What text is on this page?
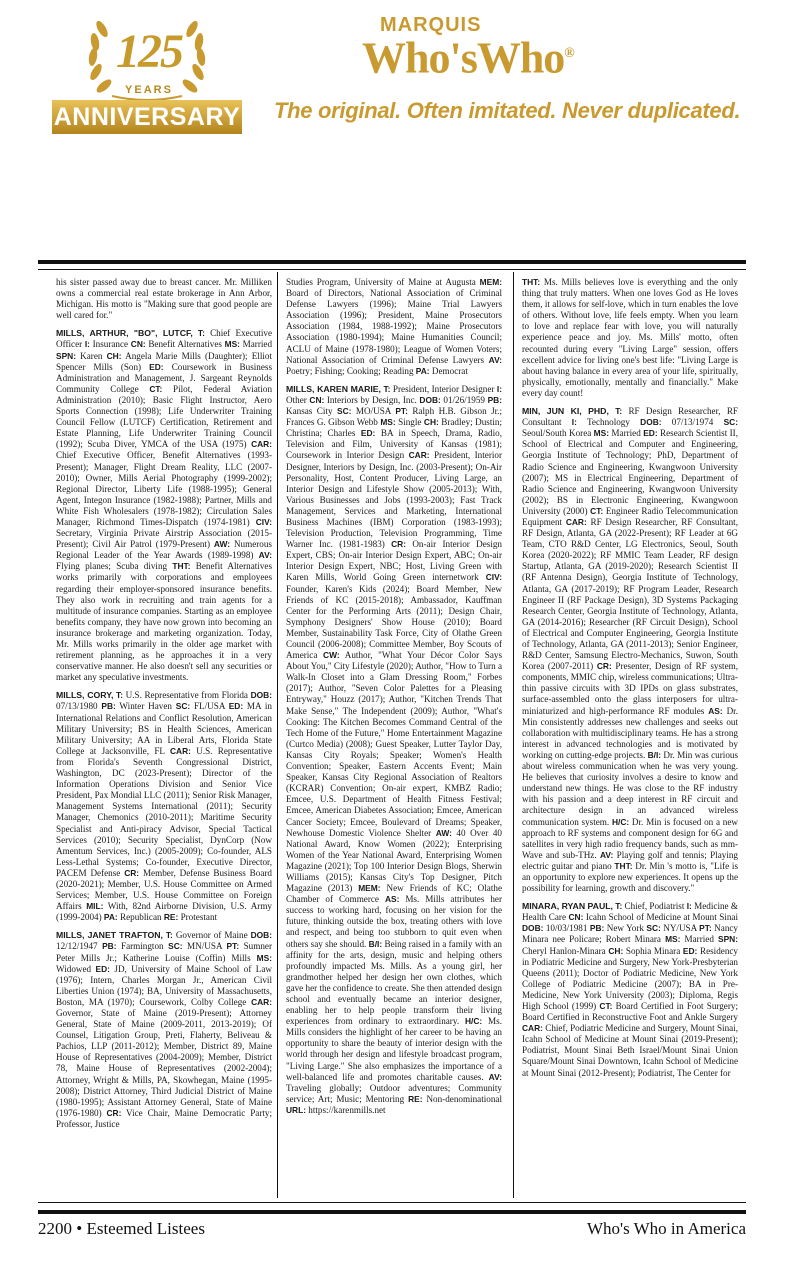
125
YEARS
ANNIVERSARY
MARQUIS
Who'sWho®
The original. Often imitated. Never duplicated.

his sister passed away due to breast cancer. Mr. Milliken owns a commercial real estate brokerage in Ann Arbor, Michigan. His motto is "Making sure that good people are well cared for."

MILLS, ARTHUR, "BO", LUTCF, T: Chief Executive Officer I: Insurance CN: Benefit Alternatives MS: Married SPN: Karen CH: Angela Marie Mills (Daughter); Elliot Spencer Mills (Son) ED: Coursework in Business Administration and Management, J. Sargeant Reynolds Community College CT: Pilot, Federal Aviation Administration (2010); Basic Flight Instructor, Aero Sports Connection (1998); Life Underwriter Training Council Fellow (LUTCF) Certification, Retirement and Estate Planning, Life Underwriter Training Council (1992); Scuba Diver, YMCA of the USA (1975) CAR: Chief Executive Officer, Benefit Alternatives (1993-Present); Manager, Flight Dream Reality, LLC (2007-2010); Owner, Mills Aerial Photography (1999-2002); Regional Director, Liberty Life (1988-1995); General Agent, Integon Insurance (1982-1988); Partner, Mills and White Fish Wholesalers (1978-1982); Circulation Sales Manager, Richmond Times-Dispatch (1974-1981) CIV: Secretary, Virginia Private Airstrip Association (2015-Present); Civil Air Patrol (1979-Present) AW: Numerous Regional Leader of the Year Awards (1989-1998) AV: Flying planes; Scuba diving THT: Benefit Alternatives works primarily with corporations and employees regarding their employer-sponsored insurance benefits. They also work in recruiting and train agents for a multitude of insurance companies. Starting as an employee benefits company, they have now grown into becoming an insurance brokerage and marketing organization. Today, Mr. Mills works primarily in the older age market with retirement planning, as he approaches it in a very conservative manner. He also doesn't sell any securities or market any speculative investments.

MILLS, CORY, T: U.S. Representative from Florida DOB: 07/13/1980 PB: Winter Haven SC: FL/USA ED: MA in International Relations and Conflict Resolution, American Military University; BS in Health Sciences, American Military University; AA in Liberal Arts, Florida State College at Jacksonville, FL CAR: U.S. Representative from Florida's Seventh Congressional District, Washington, DC (2023-Present); Director of the Information Operations Division and Senior Vice President, Pax Mondial LLC (2011); Senior Risk Manager, Management Systems International (2011); Security Manager, Chemonics (2010-2011); Maritime Security Specialist and Anti-piracy Advisor, Special Tactical Services (2010); Security Specialist, DynCorp (Now Amentum Services, Inc.) (2005-2009); Co-founder, ALS Less-Lethal Systems; Co-founder, Executive Director, PACEM Defense CR: Member, Defense Business Board (2020-2021); Member, U.S. House Committee on Armed Services; Member, U.S. House Committee on Foreign Affairs MIL: With, 82nd Airborne Division, U.S. Army (1999-2004) PA: Republican RE: Protestant

MILLS, JANET TRAFTON, T: Governor of Maine DOB: 12/12/1947 PB: Farmington SC: MN/USA PT: Sumner Peter Mills Jr.; Katherine Louise (Coffin) Mills MS: Widowed ED: JD, University of Maine School of Law (1976); Intern, Charles Morgan Jr., American Civil Liberties Union (1974); BA, University of Massachusetts, Boston, MA (1970); Coursework, Colby College CAR: Governor, State of Maine (2019-Present); Attorney General, State of Maine (2009-2011, 2013-2019); Of Counsel, Litigation Group, Preti, Flaherty, Beliveau & Pachios, LLP (2011-2012); Member, District 89, Maine House of Representatives (2004-2009); Member, District 78, Maine House of Representatives (2002-2004); Attorney, Wright & Mills, PA, Skowhegan, Maine (1995-2008); District Attorney, Third Judicial District of Maine (1980-1995); Assistant Attorney General, State of Maine (1976-1980) CR: Vice Chair, Maine Democratic Party; Professor, Justice

Studies Program, University of Maine at Augusta MEM: Board of Directors, National Association of Criminal Defense Lawyers (1996); Maine Trial Lawyers Association (1996); President, Maine Prosecutors Association (1984, 1988-1992); Maine Prosecutors Association (1980-1994); Maine Humanities Council; ACLU of Maine (1978-1980); League of Women Voters; National Association of Criminal Defense Lawyers AV: Poetry; Fishing; Cooking; Reading PA: Democrat

MILLS, KAREN MARIE, T: President, Interior Designer I: Other CN: Interiors by Design, Inc. DOB: 01/26/1959 PB: Kansas City SC: MO/USA PT: Ralph H.B. Gibson Jr.; Frances G. Gibson Webb MS: Single CH: Bradley; Dustin; Christina; Charles ED: BA in Speech, Drama, Radio, Television and Film, University of Kansas (1981); Coursework in Interior Design CAR: President, Interior Designer, Interiors by Design, Inc. (2003-Present); On-Air Personality, Host, Content Producer, Living Large, an Interior Design and Lifestyle Show (2005-2013); With, Various Businesses and Jobs (1993-2003); Fast Track Management, Services and Marketing, International Business Machines (IBM) Corporation (1983-1993); Television Production, Television Programming, Time Warner Inc. (1981-1983) CR: On-air Interior Design Expert, CBS; On-air Interior Design Expert, ABC; On-air Interior Design Expert, NBC; Host, Living Green with Karen Mills, World Going Green internetwork CIV: Founder, Karen's Kids (2024); Board Member, New Friends of KC (2015-2018); Ambassador, Kauffman Center for the Performing Arts (2011); Design Chair, Symphony Designers' Show House (2010); Board Member, Sustainability Task Force, City of Olathe Green Council (2006-2008); Committee Member, Boy Scouts of America CW: Author, "What Your Décor Color Says About You," City Lifestyle (2020); Author, "How to Turn a Walk-In Closet into a Glam Dressing Room," Forbes (2017); Author, "Seven Color Palettes for a Pleasing Entryway," Houzz (2017); Author, "Kitchen Trends That Make Sense," The Independent (2009); Author, "What's Cooking: The Kitchen Becomes Command Central of the Tech Home of the Future," Home Entertainment Magazine (Curtco Media) (2008); Guest Speaker, Lutter Taylor Day, Kansas City Royals; Speaker; Women's Health Convention; Speaker, Eastern Accents Event; Main Speaker, Kansas City Regional Association of Realtors (KCRAR) Convention; On-air expert, KMBZ Radio; Emcee, U.S. Department of Health Fitness Festival; Emcee, American Diabetes Association; Emcee, American Cancer Society; Emcee, Boulevard of Dreams; Speaker, Newhouse Domestic Violence Shelter AW: 40 Over 40 National Award, Know Women (2022); Enterprising Women of the Year National Award, Enterprising Women Magazine (2021); Top 100 Interior Design Blogs, Sherwin Williams (2015); Kansas City's Top Designer, Pitch Magazine (2013) MEM: New Friends of KC; Olathe Chamber of Commerce AS: Ms. Mills attributes her success to working hard, focusing on her vision for the future, thinking outside the box, treating others with love and respect, and being too stubborn to quit even when others say she should. B/I: Being raised in a family with an affinity for the arts, design, music and helping others profoundly impacted Ms. Mills. As a young girl, her grandmother helped her design her own clothes, which gave her the confidence to create. She then attended design school and eventually became an interior designer, enabling her to help people transform their living experiences from ordinary to extraordinary. H/C: Ms. Mills considers the highlight of her career to be having an opportunity to share the beauty of interior design with the world through her design and lifestyle broadcast program, "Living Large." She also emphasizes the importance of a well-balanced life and promotes charitable causes. AV: Traveling globally; Outdoor adventures; Community service; Art; Music; Mentoring RE: Non-denominational URL: https://karenmills.net

THT: Ms. Mills believes love is everything and the only thing that truly matters. When one loves God as He loves them, it allows for self-love, which in turn enables the love of others. Without love, life feels empty. When you learn to love and replace fear with love, you will naturally experience peace and joy. Ms. Mills' motto, often recounted during every "Living Large" session, offers excellent advice for living one's best life: "Living Large is about having balance in every area of your life, spiritually, physically, emotionally, mentally and financially." Make every day count!

MIN, JUN KI, PHD, T: RF Design Researcher, RF Consultant I: Technology DOB: 07/13/1974 SC: Seoul/South Korea MS: Married ED: Research Scientist II, School of Electrical and Computer and Engineering, Georgia Institute of Technology; PhD, Department of Radio Science and Engineering, Kwangwoon University (2007); MS in Electrical Engineering, Department of Radio Science and Engineering, Kwangwoon University (2002); BS in Electronic Engineering, Kwangwoon University (2000) CT: Engineer Radio Telecommunication Equipment CAR: RF Design Researcher, RF Consultant, RF Design, Atlanta, GA (2022-Present); RF Leader at 6G Team, CTO R&D Center, LG Electronics, Seoul, South Korea (2020-2022); RF MMIC Team Leader, RF design Startup, Atlanta, GA (2019-2020); Research Scientist II (RF Antenna Design), Georgia Institute of Technology, Atlanta, GA (2017-2019); RF Program Leader, Research Engineer II (RF Package Design), 3D Systems Packaging Research Center, Georgia Institute of Technology, Atlanta, GA (2014-2016); Researcher (RF Circuit Design), School of Electrical and Computer Engineering, Georgia Institute of Technology, Atlanta, GA (2011-2013); Senior Engineer, R&D Center, Samsung Electro-Mechanics, Suwon, South Korea (2007-2011) CR: Presenter, Design of RF system, components, MMIC chip, wireless communications; Ultra-thin passive circuits with 3D IPDs on glass substrates, surface-assembled onto the glass interposers for ultra-miniaturized and high-performance RF modules AS: Dr. Min consistently addresses new challenges and seeks out collaboration with multidisciplinary teams. He has a strong interest in advanced technologies and is motivated by working on cutting-edge projects. B/I: Dr. Min was curious about wireless communication when he was very young. He believes that curiosity involves a desire to know and understand new things. He was close to the RF industry with his passion and a deep interest in RF circuit and architecture design in an advanced wireless communication system. H/C: Dr. Min is focused on a new approach to RF systems and component design for 6G and satellites in very high radio frequency bands, such as mm-Wave and sub-THz. AV: Playing golf and tennis; Playing electric guitar and piano THT: Dr. Min 's motto is, "Life is an opportunity to explore new experiences. It opens up the possibility for learning, growth and discovery."

MINARA, RYAN PAUL, T: Chief, Podiatrist I: Medicine & Health Care CN: Icahn School of Medicine at Mount Sinai DOB: 10/03/1981 PB: New York SC: NY/USA PT: Nancy Minara nee Policare; Robert Minara MS: Married SPN: Cheryl Hanlon-Minara CH: Sophia Minara ED: Residency in Podiatric Medicine and Surgery, New York-Presbyterian Queens (2011); Doctor of Podiatric Medicine, New York College of Podiatric Medicine (2007); BA in Pre-Medicine, New York University (2003); Diploma, Regis High School (1999) CT: Board Certified in Foot Surgery; Board Certified in Reconstructive Foot and Ankle Surgery CAR: Chief, Podiatric Medicine and Surgery, Mount Sinai, Icahn School of Medicine at Mount Sinai (2019-Present); Podiatrist, Mount Sinai Beth Israel/Mount Sinai Union Square/Mount Sinai Downtown, Icahn School of Medicine at Mount Sinai (2012-Present); Podiatrist, The Center for

2200 • Esteemed Listees	Who's Who in America
